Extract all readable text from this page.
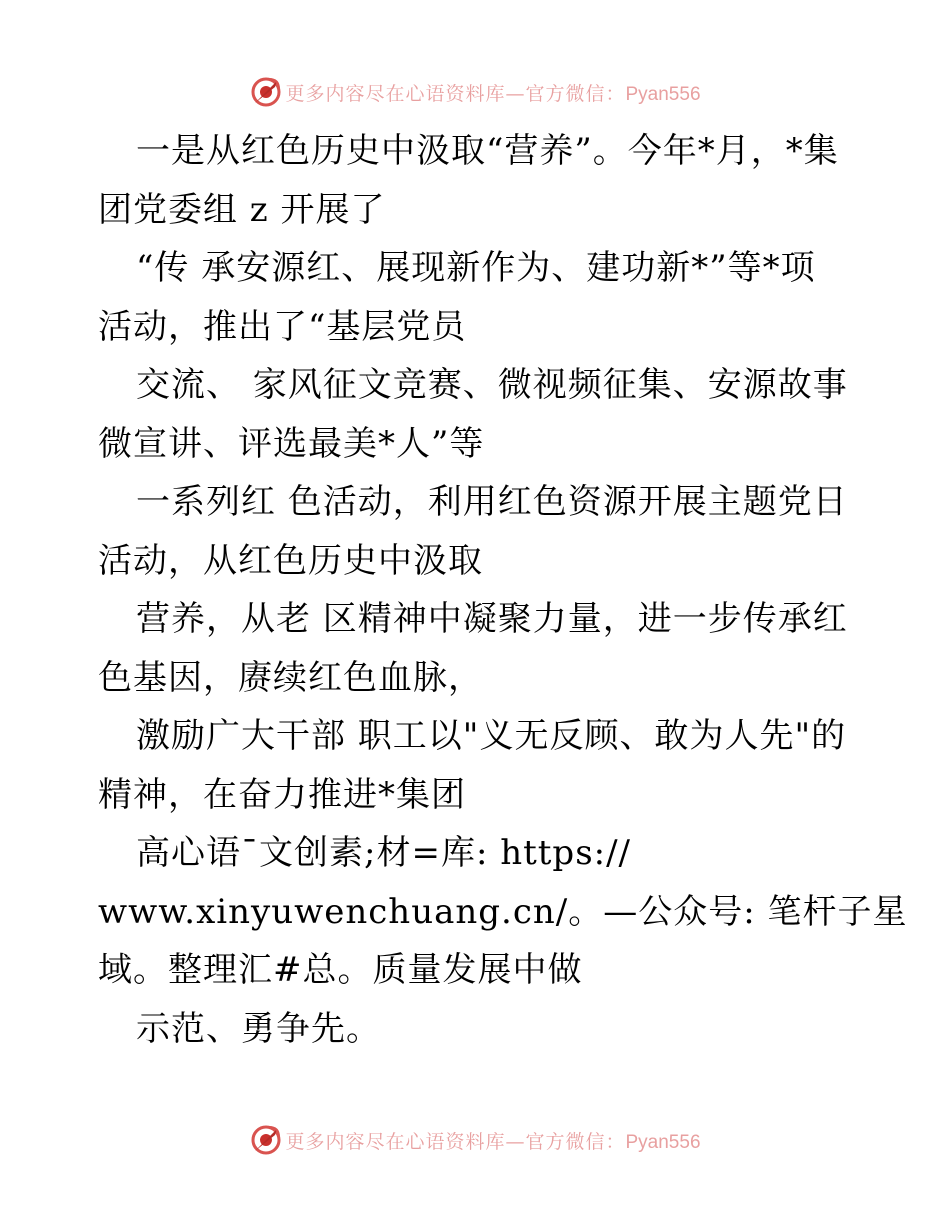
更多内容尽在心语资料库—官方微信：Pyan556
一是从红色历史中汲取“营养”。今年*月，*集
团党委组 z 开展了
“传 承安源红、展现新作为、建功新*”等*项
活动，推出了“基层党员
交流、 家风征文竞赛、微视频征集、安源故事
微宣讲、评选最美*人”等
一系列红 色活动，利用红色资源开展主题党日
活动，从红色历史中汲取
营养，从老 区精神中凝聚力量，进一步传承红
色基因，赓续红色血脉，
激励广大干部 职工以"义无反顾、敢为人先"的
精神，在奋力推进*集团
高心语¯文创素;材=库: https://
www.xinyuwenchuang.cn/。—公众号: 笔杆子星
域。整理汇#总。质量发展中做
示范、勇争先。
更多内容尽在心语资料库—官方微信：Pyan556
